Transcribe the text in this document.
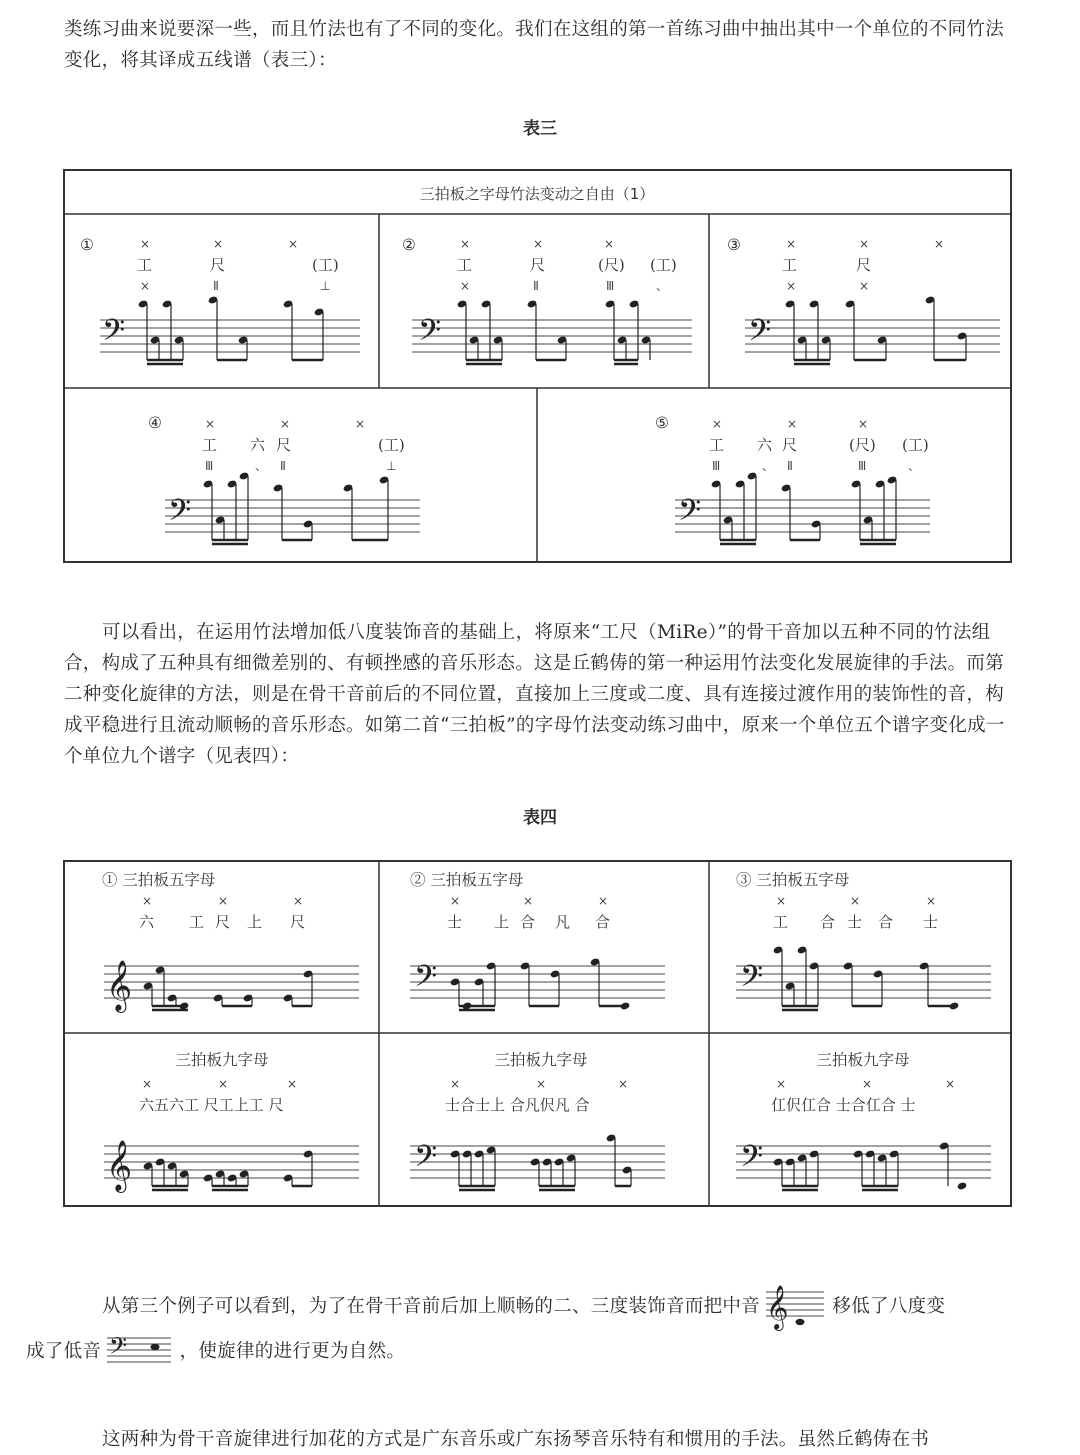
类练习曲来说要深一些，而且竹法也有了不同的变化。我们在这组的第一首练习曲中抽出其中一个单位的不同竹法变化，将其译成五线谱（表三）：

表三
三拍板之字母竹法变动之自由（1）
①	×	×	×
工	尺	(工)
×	Ⅱ	⊥
𝄢
②	×	×	×
工	尺	(尺) (工)
×	Ⅱ	Ⅲ	、
𝄢
③	×	×	×
工	尺
×	×
𝄢
④	×	×	×
工 六 尺	(工)
Ⅲ	、 Ⅱ	⊥
𝄢
⑤	×	×	×
工 六 尺	(尺) (工)
Ⅲ	、 Ⅱ	Ⅲ	、
𝄢

可以看出，在运用竹法增加低八度装饰音的基础上，将原来“工尺（MiRe）”的骨干音加以五种不同的竹法组合，构成了五种具有细微差别的、有顿挫感的音乐形态。这是丘鹤俦的第一种运用竹法变化发展旋律的手法。而第二种变化旋律的方法，则是在骨干音前后的不同位置，直接加上三度或二度、具有连接过渡作用的装饰性的音，构成平稳进行且流动顺畅的音乐形态。如第二首“三拍板”的字母竹法变动练习曲中，原来一个单位五个谱字变化成一个单位九个谱字（见表四）：

表四
① 三拍板五字母
×	×	×
六 工 尺 上 尺
𝄞
② 三拍板五字母
×	×	×
士 上 合 凡 合
𝄢
③ 三拍板五字母
×	×	×
工 合 士 合 士
𝄢
三拍板九字母
×	×	×
六五六工 尺工上工 尺
𝄞
三拍板九字母
×	×	×
士合士上 合凡伬凡 合
𝄢
三拍板九字母
×	×	×
仜伬仜合 士合仜合 士
𝄢
从第三个例子可以看到，为了在骨干音前后加上顺畅的二、三度装饰音而把中音 𝄞 移低了八度变
成了低音 𝄢	，使旋律的进行更为自然。

这两种为骨干音旋律进行加花的方式是广东音乐或广东扬琴音乐特有和惯用的手法。虽然丘鹤俦在书
